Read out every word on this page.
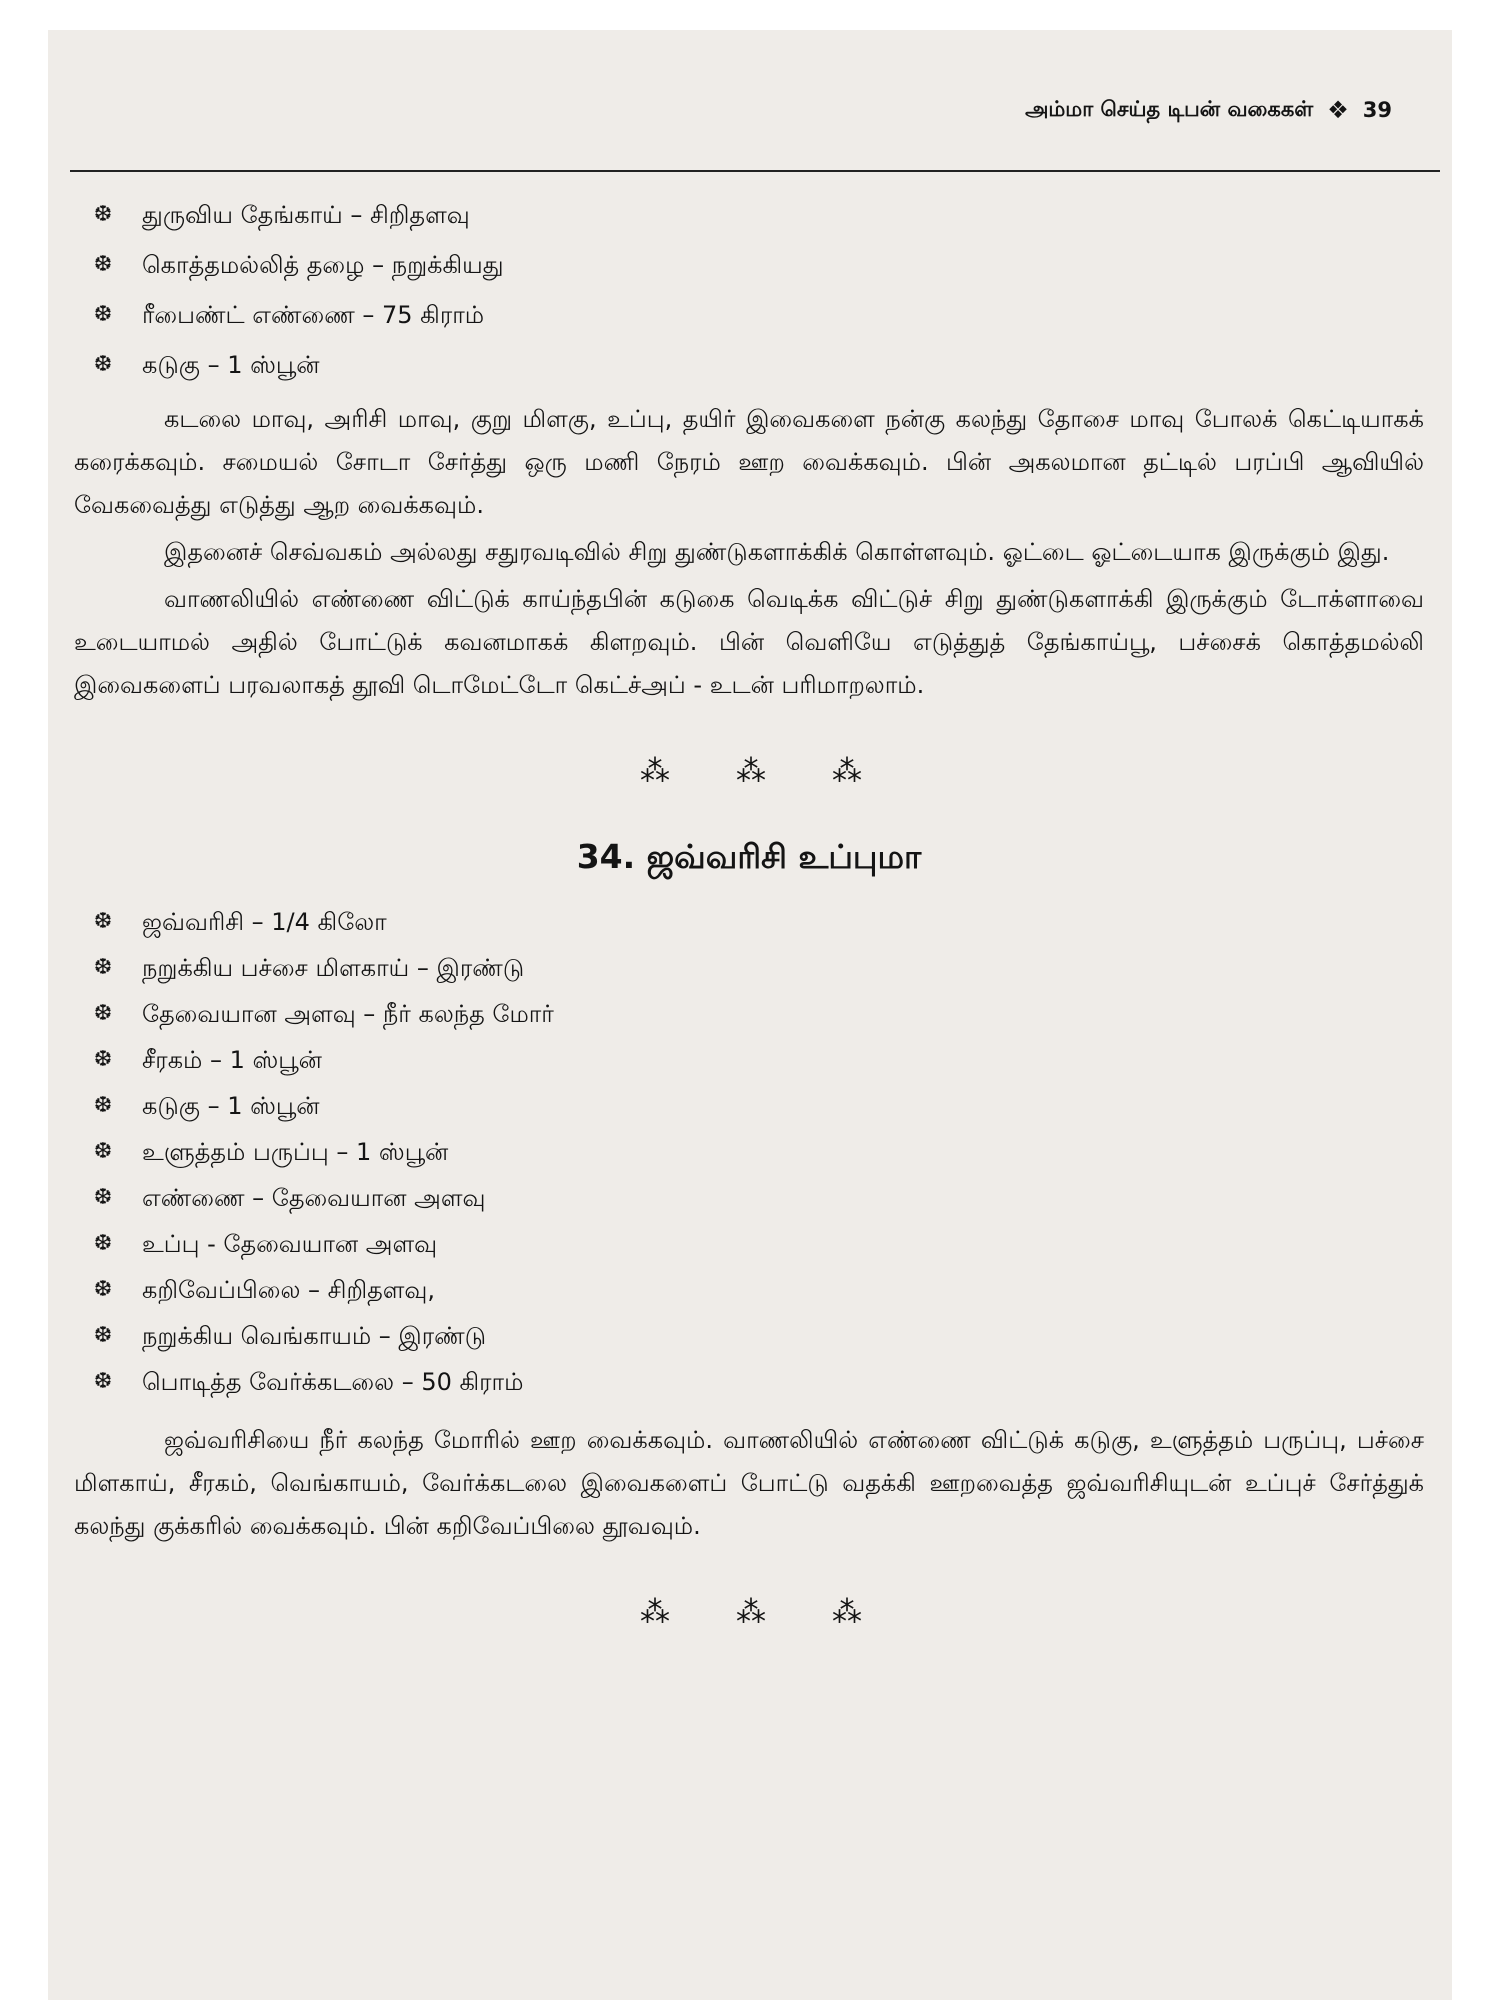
அம்மா செய்த டிபன் வகைகள் ❖ 39
❆	துருவிய தேங்காய் – சிறிதளவு
❆	கொத்தமல்லித் தழை – நறுக்கியது
❆	ரீபைண்ட் எண்ணை – 75 கிராம்
❆	கடுகு – 1 ஸ்பூன்

கடலை மாவு, அரிசி மாவு, குறு மிளகு, உப்பு, தயிர் இவைகளை நன்கு கலந்து தோசை மாவு போலக் கெட்டியாகக் கரைக்கவும். சமையல் சோடா சேர்த்து ஒரு மணி நேரம் ஊற வைக்கவும். பின் அகலமான தட்டில் பரப்பி ஆவியில் வேகவைத்து எடுத்து ஆற வைக்கவும்.

இதனைச் செவ்வகம் அல்லது சதுரவடிவில் சிறு துண்டுகளாக்கிக் கொள்ளவும். ஓட்டை ஓட்டையாக இருக்கும் இது.

வாணலியில் எண்ணை விட்டுக் காய்ந்தபின் கடுகை வெடிக்க விட்டுச் சிறு துண்டுகளாக்கி இருக்கும் டோக்ளாவை உடையாமல் அதில் போட்டுக் கவனமாகக் கிளறவும். பின் வெளியே எடுத்துத் தேங்காய்பூ, பச்சைக் கொத்தமல்லி இவைகளைப் பரவலாகத் தூவி டொமேட்டோ கெட்ச்அப் - உடன் பரிமாறலாம்.

⁂ ⁂ ⁂
34. ஜவ்வரிசி உப்புமா
❆	ஜவ்வரிசி – 1/4 கிலோ
❆	நறுக்கிய பச்சை மிளகாய் – இரண்டு
❆	தேவையான அளவு – நீர் கலந்த மோர்
❆	சீரகம் – 1 ஸ்பூன்
❆	கடுகு – 1 ஸ்பூன்
❆	உளுத்தம் பருப்பு – 1 ஸ்பூன்
❆	எண்ணை – தேவையான அளவு
❆	உப்பு - தேவையான அளவு
❆	கறிவேப்பிலை – சிறிதளவு,
❆	நறுக்கிய வெங்காயம் – இரண்டு
❆	பொடித்த வேர்க்கடலை – 50 கிராம்

ஜவ்வரிசியை நீர் கலந்த மோரில் ஊற வைக்கவும். வாணலியில் எண்ணை விட்டுக் கடுகு, உளுத்தம் பருப்பு, பச்சை மிளகாய், சீரகம், வெங்காயம், வேர்க்கடலை இவைகளைப் போட்டு வதக்கி ஊறவைத்த ஜவ்வரிசியுடன் உப்புச் சேர்த்துக் கலந்து குக்கரில் வைக்கவும். பின் கறிவேப்பிலை தூவவும்.

⁂ ⁂ ⁂
